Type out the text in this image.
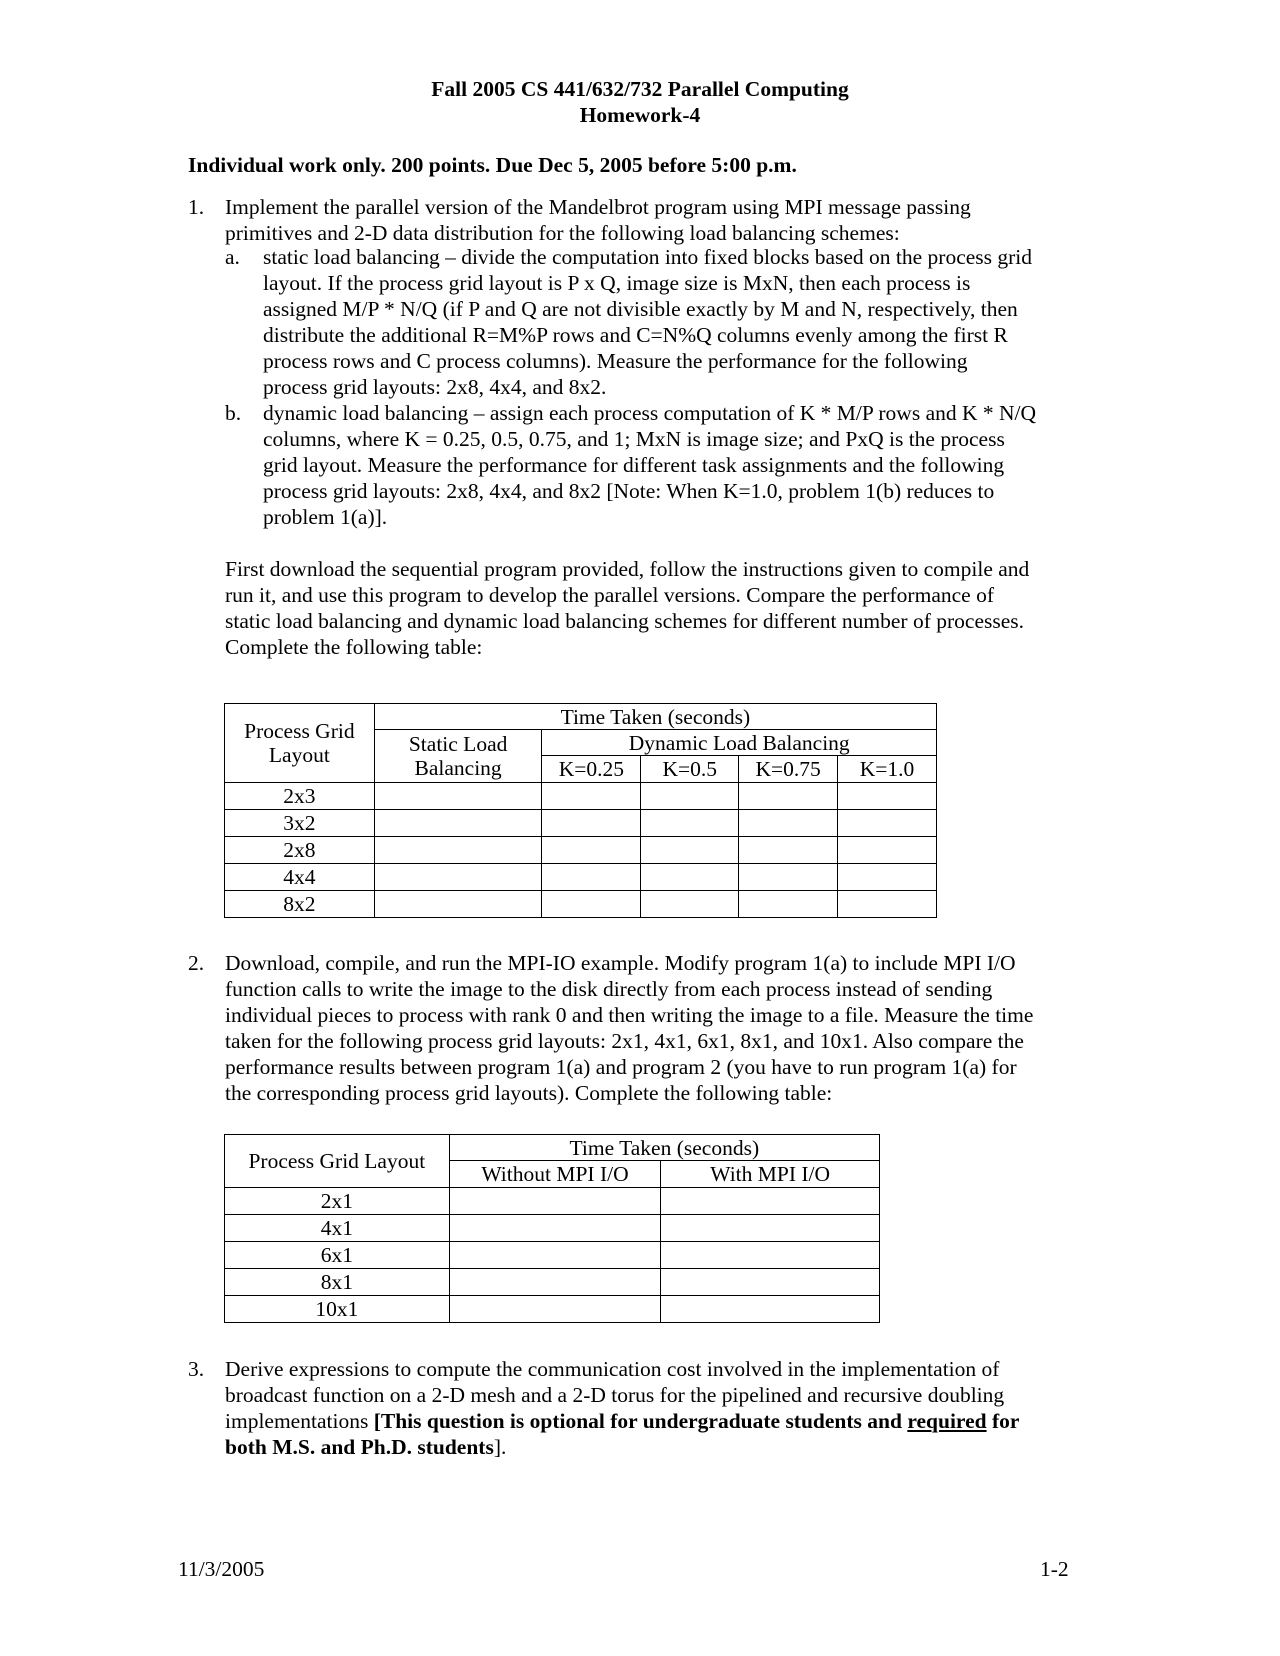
Fall 2005 CS 441/632/732 Parallel Computing
Homework-4
Individual work only. 200 points. Due Dec 5, 2005 before 5:00 p.m.
1. Implement the parallel version of the Mandelbrot program using MPI message passing
primitives and 2-D data distribution for the following load balancing schemes:
a. static load balancing – divide the computation into fixed blocks based on the process grid
layout. If the process grid layout is P x Q, image size is MxN, then each process is
assigned M/P * N/Q (if P and Q are not divisible exactly by M and N, respectively, then
distribute the additional R=M%P rows and C=N%Q columns evenly among the first R
process rows and C process columns). Measure the performance for the following
process grid layouts: 2x8, 4x4, and 8x2.
b. dynamic load balancing – assign each process computation of K * M/P rows and K * N/Q
columns, where K = 0.25, 0.5, 0.75, and 1; MxN is image size; and PxQ is the process
grid layout. Measure the performance for different task assignments and the following
process grid layouts: 2x8, 4x4, and 8x2 [Note: When K=1.0, problem 1(b) reduces to
problem 1(a)].
First download the sequential program provided, follow the instructions given to compile and
run it, and use this program to develop the parallel versions. Compare the performance of
static load balancing and dynamic load balancing schemes for different number of processes.
Complete the following table:
Process Grid
Layout	Time Taken (seconds)				

	Static Load
Balancing	Dynamic Load Balancing			
		K=0.25	K=0.5	K=0.75	K=1.0
2x3					
3x2					
2x8					
4x4					
8x2					
2. Download, compile, and run the MPI-IO example. Modify program 1(a) to include MPI I/O
function calls to write the image to the disk directly from each process instead of sending
individual pieces to process with rank 0 and then writing the image to a file. Measure the time
taken for the following process grid layouts: 2x1, 4x1, 6x1, 8x1, and 10x1. Also compare the
performance results between program 1(a) and program 2 (you have to run program 1(a) for
the corresponding process grid layouts). Complete the following table:
Process Grid Layout	Time Taken (seconds)	
	Without MPI I/O	With MPI I/O
2x1		
4x1		
6x1		
8x1		
10x1		
3. Derive expressions to compute the communication cost involved in the implementation of
broadcast function on a 2-D mesh and a 2-D torus for the pipelined and recursive doubling
implementations [This question is optional for undergraduate students and required for
both M.S. and Ph.D. students].
11/3/2005	1-2
